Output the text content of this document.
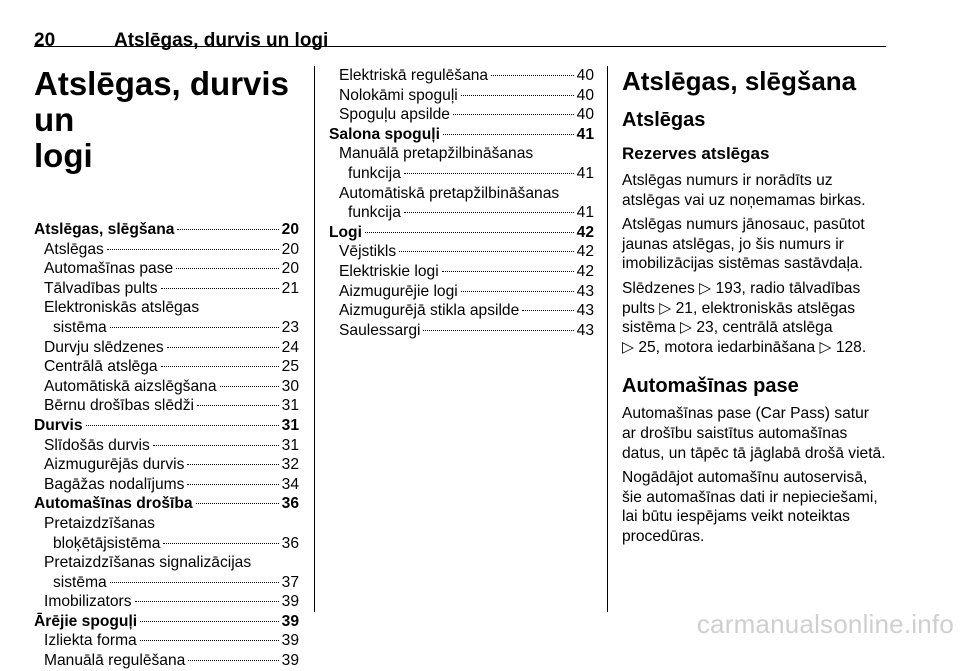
20	Atslēgas, durvis un logi
Atslēgas, durvis un
logi
Atslēgas, slēgšana	20
Atslēgas	20
Automašīnas pase	20
Tālvadības pults	21
Elektroniskās atslēgas
sistēma	23
Durvju slēdzenes	24
Centrālā atslēga	25
Automātiskā aizslēgšana	30
Bērnu drošības slēdži	31
Durvis	31
Slīdošās durvis	31
Aizmugurējās durvis	32
Bagāžas nodalījums	34
Automašīnas drošība	36
Pretaizdzīšanas
bloķētājsistēma	36
Pretaizdzīšanas signalizācijas
sistēma	37
Imobilizators	39
Ārējie spoguļi	39
Izliekta forma	39
Manuālā regulēšana	39
Elektriskā regulēšana	40
Nolokāmi spoguļi	40
Spoguļu apsilde	40
Salona spoguļi	41
Manuālā pretapžilbināšanas
funkcija	41
Automātiskā pretapžilbināšanas
funkcija	41
Logi	42
Vējstikls	42
Elektriskie logi	42
Aizmugurējie logi	43
Aizmugurējā stikla apsilde	43
Saulessargi	43
Atslēgas, slēgšana
Atslēgas
Rezerves atslēgas

Atslēgas numurs ir norādīts uz
atslēgas vai uz noņemamas birkas.

Atslēgas numurs jānosauc, pasūtot
jaunas atslēgas, jo šis numurs ir
imobilizācijas sistēmas sastāvdaļa.

Slēdzenes ▷ 193, radio tālvadības
pults ▷ 21, elektroniskās atslēgas
sistēma ▷ 23, centrālā atslēga
▷ 25, motora iedarbināšana ▷ 128.

Automašīnas pase

Automašīnas pase (Car Pass) satur
ar drošību saistītus automašīnas
datus, un tāpēc tā jāglabā drošā vietā.

Nogādājot automašīnu autoservisā,
šie automašīnas dati ir nepieciešami,
lai būtu iespējams veikt noteiktas
procedūras.

carmanualsonline.info
